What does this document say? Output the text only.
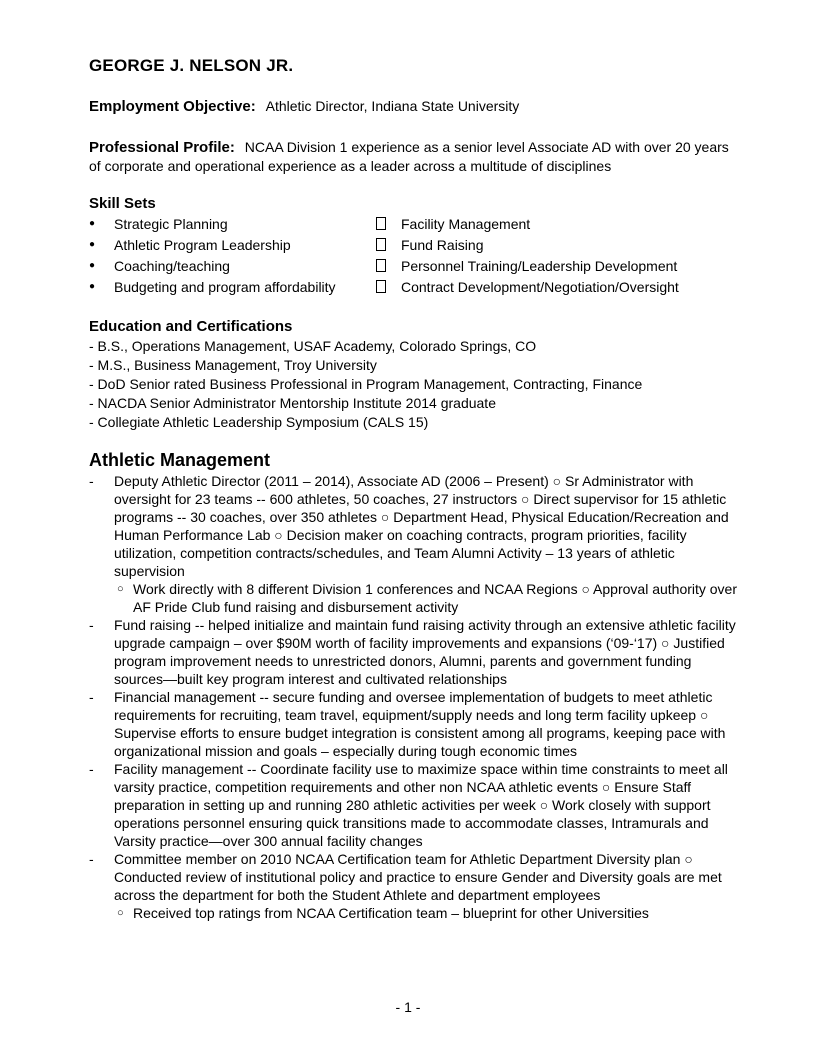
GEORGE J. NELSON JR.
Employment Objective: Athletic Director, Indiana State University
Professional Profile: NCAA Division 1 experience as a senior level Associate AD with over 20 years of corporate and operational experience as a leader across a multitude of disciplines
Skill Sets
● Strategic Planning	Facility Management
● Athletic Program Leadership	Fund Raising
● Coaching/teaching	Personnel Training/Leadership Development
● Budgeting and program affordability	Contract Development/Negotiation/Oversight
Education and Certifications
- B.S., Operations Management, USAF Academy, Colorado Springs, CO
- M.S., Business Management, Troy University
- DoD Senior rated Business Professional in Program Management, Contracting, Finance
- NACDA Senior Administrator Mentorship Institute 2014 graduate
- Collegiate Athletic Leadership Symposium (CALS 15)
Athletic Management
- Deputy Athletic Director (2011 – 2014), Associate AD (2006 – Present) ○ Sr Administrator with oversight for 23 teams -- 600 athletes, 50 coaches, 27 instructors ○ Direct supervisor for 15 athletic programs -- 30 coaches, over 350 athletes ○ Department Head, Physical Education/Recreation and Human Performance Lab ○ Decision maker on coaching contracts, program priorities, facility utilization, competition contracts/schedules, and Team Alumni Activity – 13 years of athletic supervision
○ Work directly with 8 different Division 1 conferences and NCAA Regions ○ Approval authority over AF Pride Club fund raising and disbursement activity
- Fund raising -- helped initialize and maintain fund raising activity through an extensive athletic facility upgrade campaign – over $90M worth of facility improvements and expansions (‘09-‘17) ○ Justified program improvement needs to unrestricted donors, Alumni, parents and government funding sources—built key program interest and cultivated relationships
- Financial management -- secure funding and oversee implementation of budgets to meet athletic requirements for recruiting, team travel, equipment/supply needs and long term facility upkeep ○ Supervise efforts to ensure budget integration is consistent among all programs, keeping pace with organizational mission and goals – especially during tough economic times
- Facility management -- Coordinate facility use to maximize space within time constraints to meet all varsity practice, competition requirements and other non NCAA athletic events ○ Ensure Staff preparation in setting up and running 280 athletic activities per week ○ Work closely with support operations personnel ensuring quick transitions made to accommodate classes, Intramurals and Varsity practice—over 300 annual facility changes
- Committee member on 2010 NCAA Certification team for Athletic Department Diversity plan ○ Conducted review of institutional policy and practice to ensure Gender and Diversity goals are met across the department for both the Student Athlete and department employees
○ Received top ratings from NCAA Certification team – blueprint for other Universities
- 1 -
